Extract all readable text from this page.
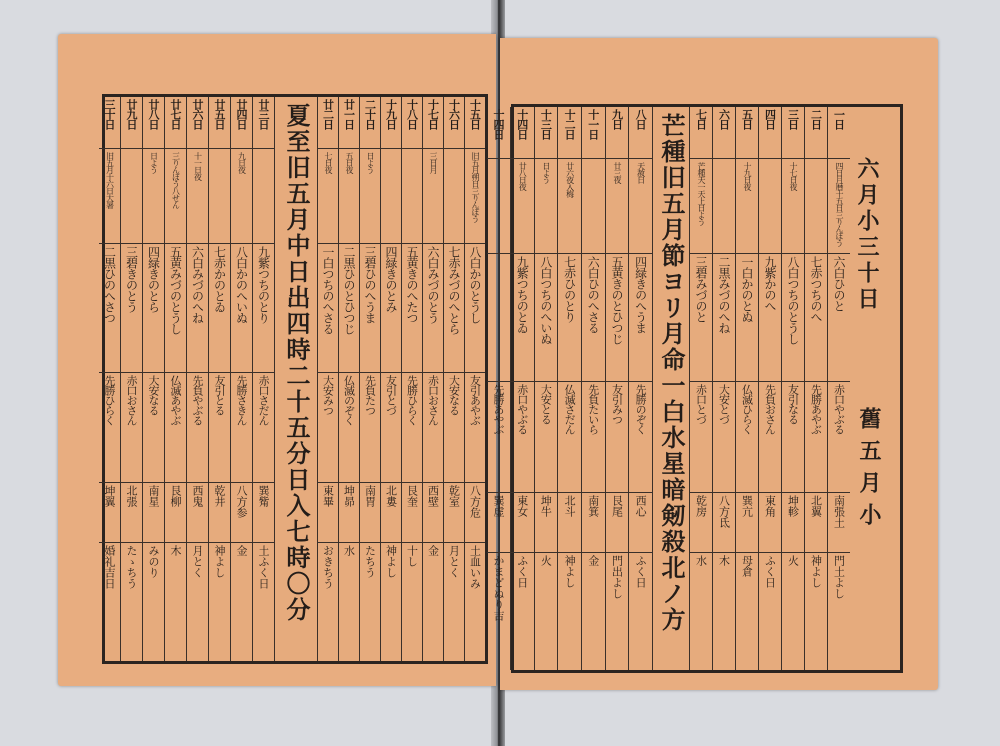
十五日
旧五月朔日三りんぼう
八白かのとうし
友引あやぶ
八方危
土血いみ
十六日
七赤みづのへとら
大安なる
乾室
月とく
十七日
三日月
六白みづのとう
赤口おさん
西壁
金
十八日
五黄きのへたつ
先勝ひらく
艮奎
十し
十九日
四緑きのとみ
友引とづ
北婁
神よし
二十日
日よう
三碧ひのへうま
先負たつ
南胃
たちう
廿一日
五日夜
二黒ひのとひつじ
仏滅のぞく
坤昴
水
廿二日
七日夜
一白つちのへさる
大安みつ
東畢
おきちう
夏至旧五月中日出四時二十五分日入七時〇分
廿三日
九紫つちのとり
赤口さだん
巽觜
土ふく日
廿四日
九日夜
八白かのへいぬ
先勝さきん
八方参
金
廿五日
七赤かのとゐ
友引とる
乾井
神よし
廿六日
十一日夜
六白みづのへね
先負やぶる
西鬼
月とく
廿七日
三りんぼう八せん
五黄みづのとうし
仏滅あやぶ
艮柳
木
廿八日
日よう
四緑きのとら
大安なる
南星
みのり
廿九日
三碧きのとう
赤口おさん
北張
たゝちう
三十日
旧五月十六日大暑
二黒ひのへさつ
先勝ひらく
坤翼
婚礼吉日
六月小三十日
舊五月小
一日
四日月暦十五日三りんぼう
六白ひのと
赤口やぶる
南張土
門土よし
二日
七赤つちのへ
先勝あやぶ
北翼
神よし
三日
十七日夜
八白つちのとうし
友引なる
坤軫
火
四日
九紫かのへ
先負おさん
東角
ふく日
五日
十九日夜
一白かのとぬ
仏滅ひらく
巽亢
母倉
六日
二黒みづのへね
大安とづ
八方氐
木
七日
芒種天一天上日よう
三碧みづのと
赤口とづ
乾房
水
芒種旧五月節ヨリ月命一白水星暗剱殺北ノ方
八日
天赦日
四緑きのへうま
先勝のぞく
西心
ふく日
九日
廿三夜
五黄きのとひつじ
友引みつ
艮尾
門出よし
十一日
六白ひのへさる
先負たいら
南箕
金
十二日
廿六夜入梅
七赤ひのとり
仏滅さだん
北斗
神よし
十三日
日よう
八白つちのへいぬ
大安とる
坤牛
火
十四日
廿八日夜
九紫つちのとゐ
赤口やぶる
東女
ふく日
十四日
先勝あやぶ
巽虚
かまどぬり吉
